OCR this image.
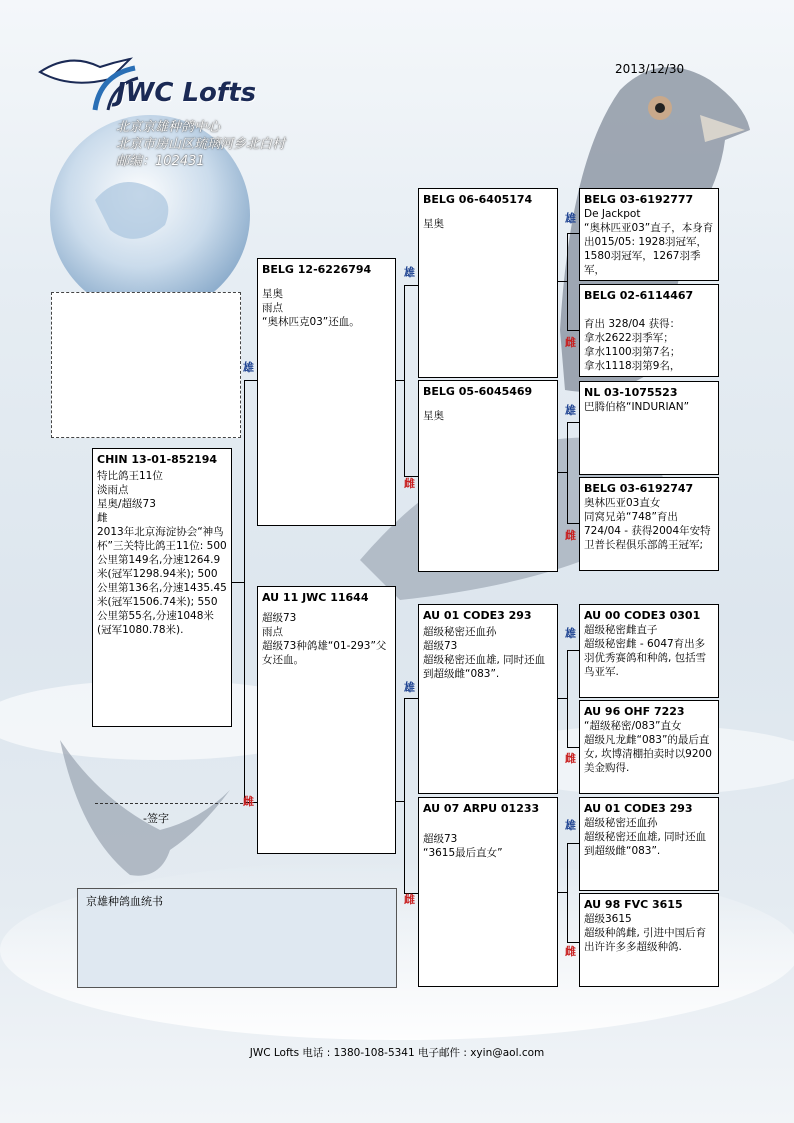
2013/12/30
JWC Lofts
北京京雄种鸽中心
北京市房山区琉璃河乡北白村
邮编：102431
雄
雌
雄
雌
雄
雌
雄
雌
雄
雌
雄
雌
雄
雌
CHIN 13-01-852194
特比鸽王11位
淡雨点
星奥/超级73
雌
2013年北京海淀协会“神鸟杯”三关特比鸽王11位: 500公里第149名,分速1264.9米(冠军1298.94米); 500公里第136名,分速1435.45米(冠军1506.74米); 550公里第55名,分速1048米(冠军1080.78米).
BELG 12-6226794
星奥
雨点
“奥林匹克03”还血。
AU 11 JWC 11644
超级73
雨点
超级73种鸽雄“01-293”父女还血。
BELG 06-6405174
星奥
BELG 05-6045469
星奥
AU 01 CODE3 293
超级秘密还血孙
超级73
超级秘密还血雄, 同时还血到超级雌“083”.
AU 07 ARPU 01233

超级73
“3615最后直女”
BELG 03-6192777
De Jackpot
“奥林匹亚03”直子，本身育出015/05: 1928羽冠军，1580羽冠军，1267羽季军，
BELG 02-6114467

育出 328/04 获得：
拿水2622羽季军；
拿水1100羽第7名；
拿水1118羽第9名，
NL 03-1075523
巴腾伯格“INDURIAN”
BELG 03-6192747
奥林匹亚03直女
同窝兄弟“748”育出724/04 - 获得2004年安特卫普长程俱乐部鸽王冠军;
AU 00 CODE3 0301
超级秘密雌直子
超级秘密雌 - 6047育出多羽优秀赛鸽和种鸽, 包括雪鸟亚军.
AU 96 OHF 7223
“超级秘密/083”直女
超级凡龙雌“083”的最后直女, 坎博清棚拍卖时以9200美金购得.
AU 01 CODE3 293
超级秘密还血孙
超级秘密还血雄, 同时还血到超级雌“083”.
AU 98 FVC 3615
超级3615
超级种鸽雌, 引进中国后育出许许多多超级种鸽.
-签字
京雄种鸽血统书
JWC Lofts 电话 : 1380-108-5341 电子邮件 : xyin@aol.com
